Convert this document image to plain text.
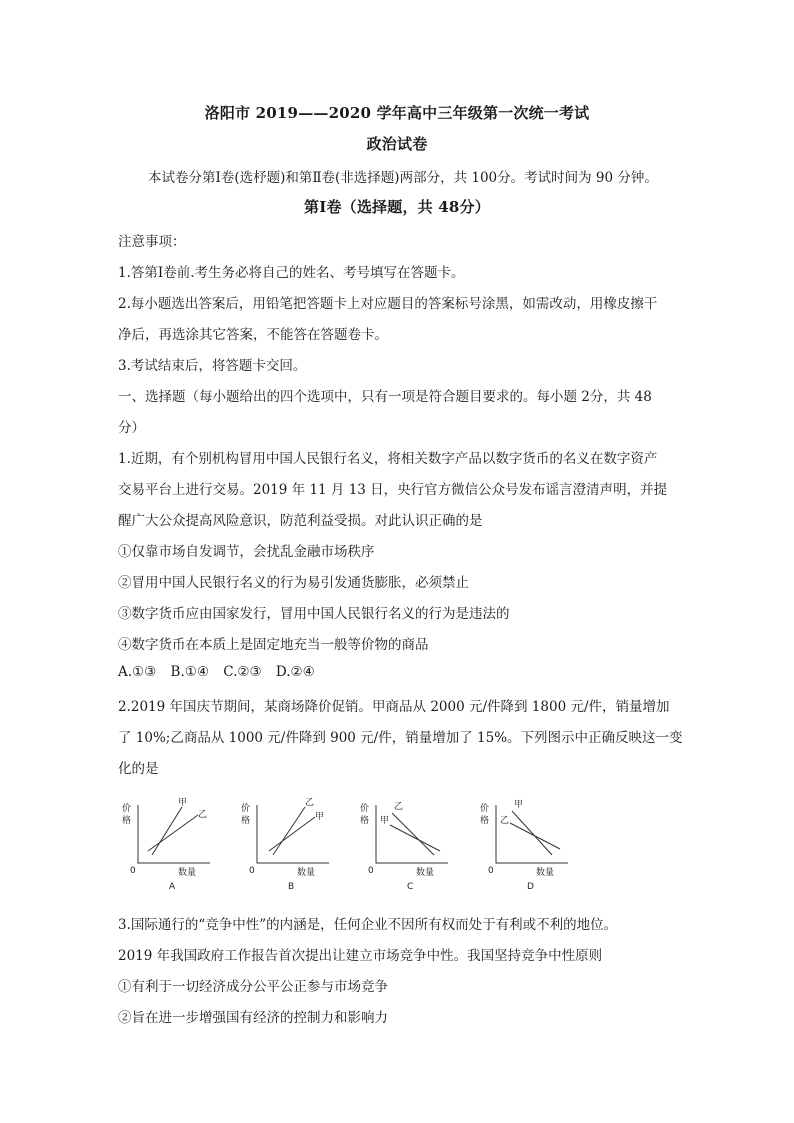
洛阳市 2019——2020 学年高中三年级第一次统一考试
政治试卷
本试卷分第Ⅰ卷(选杼题)和第Ⅱ卷(非选择题)两部分，共 100分。考试时间为 90 分钟。
第Ⅰ卷（选择题，共 48分）
注意事项：
1.答第Ⅰ卷前.考生务必将自己的姓名、考号填写在答题卡。
2.每小题选出答案后，用铅笔把答题卡上对应题目的答案标号涂黑，如需改动，用橡皮擦干
净后，再选涂其它答案，不能答在答题卷卡。
3.考试结束后，将答题卡交回。
一、选择题（每小题给出的四个选项中，只有一项是符合题目要求的。每小题 2分，共 48
分）
1.近期，有个别机构冒用中国人民银行名义，将相关数字产品以数字货币的名义在数字资产
交易平台上进行交易。2019 年 11 月 13 日，央行官方微信公众号发布谣言澄清声明，并提
醒广大公众提高风险意识，防范利益受损。对此认识正确的是
①仅靠市场自发调节，会扰乱金融市场秩序
②冒用中国人民银行名义的行为易引发通货膨胀，必须禁止
③数字货币应由国家发行，冒用中国人民银行名义的行为是违法的
④数字货币在本质上是固定地充当一般等价物的商品
A.①③ B.①④ C.②③ D.②④
2.2019 年国庆节期间，某商场降价促销。甲商品从 2000 元/件降到 1800 元/件，销量增加
了 10%;乙商品从 1000 元/件降到 900 元/件，销量增加了 15%。下列图示中正确反映这一变
化的是
价
格
0	数量
甲
乙
A
价
格
0	数量
乙
甲
B
价
格
0	数量
乙
甲
C
价
格
0	数量
甲
乙
D
3.国际通行的“竞争中性”的内涵是，任何企业不因所有权而处于有利或不利的地位。
2019 年我国政府工作报告首次提出让建立市场竞争中性。我国坚持竞争中性原则
①有利于一切经济成分公平公正参与市场竞争
②旨在进一步增强国有经济的控制力和影响力
